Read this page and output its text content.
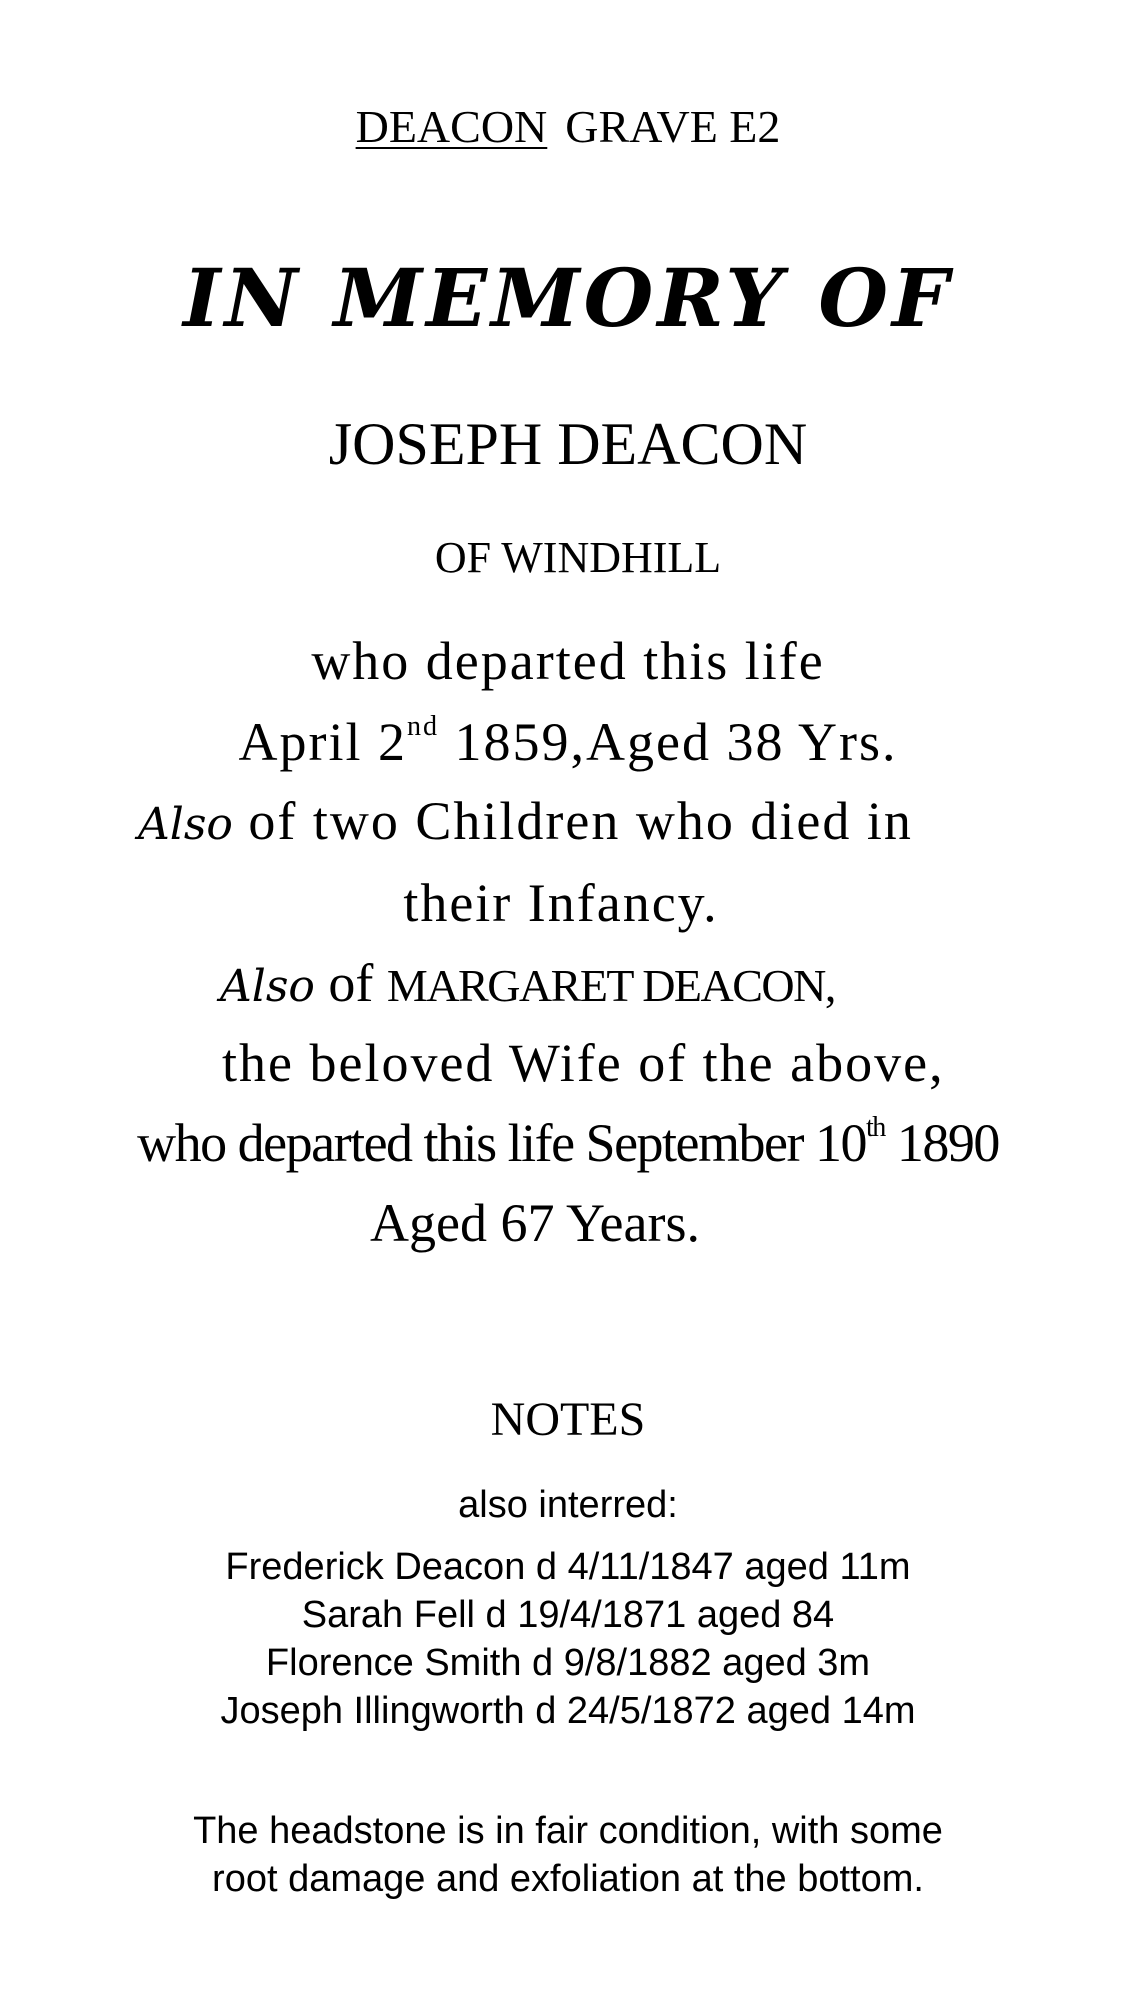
DEACON GRAVE E2
IN MEMORY OF
JOSEPH DEACON
OF WINDHILL
who departed this life
April 2nd 1859,Aged 38 Yrs.
Also of two Children who died in
their Infancy.
Also of MARGARET DEACON,
the beloved Wife of the above,
who departed this life September 10th 1890
Aged 67 Years.
NOTES
also interred:
Frederick Deacon d 4/11/1847 aged 11m
Sarah Fell d 19/4/1871 aged 84
Florence Smith d 9/8/1882 aged 3m
Joseph Illingworth d 24/5/1872 aged 14m
The headstone is in fair condition, with some
root damage and exfoliation at the bottom.
